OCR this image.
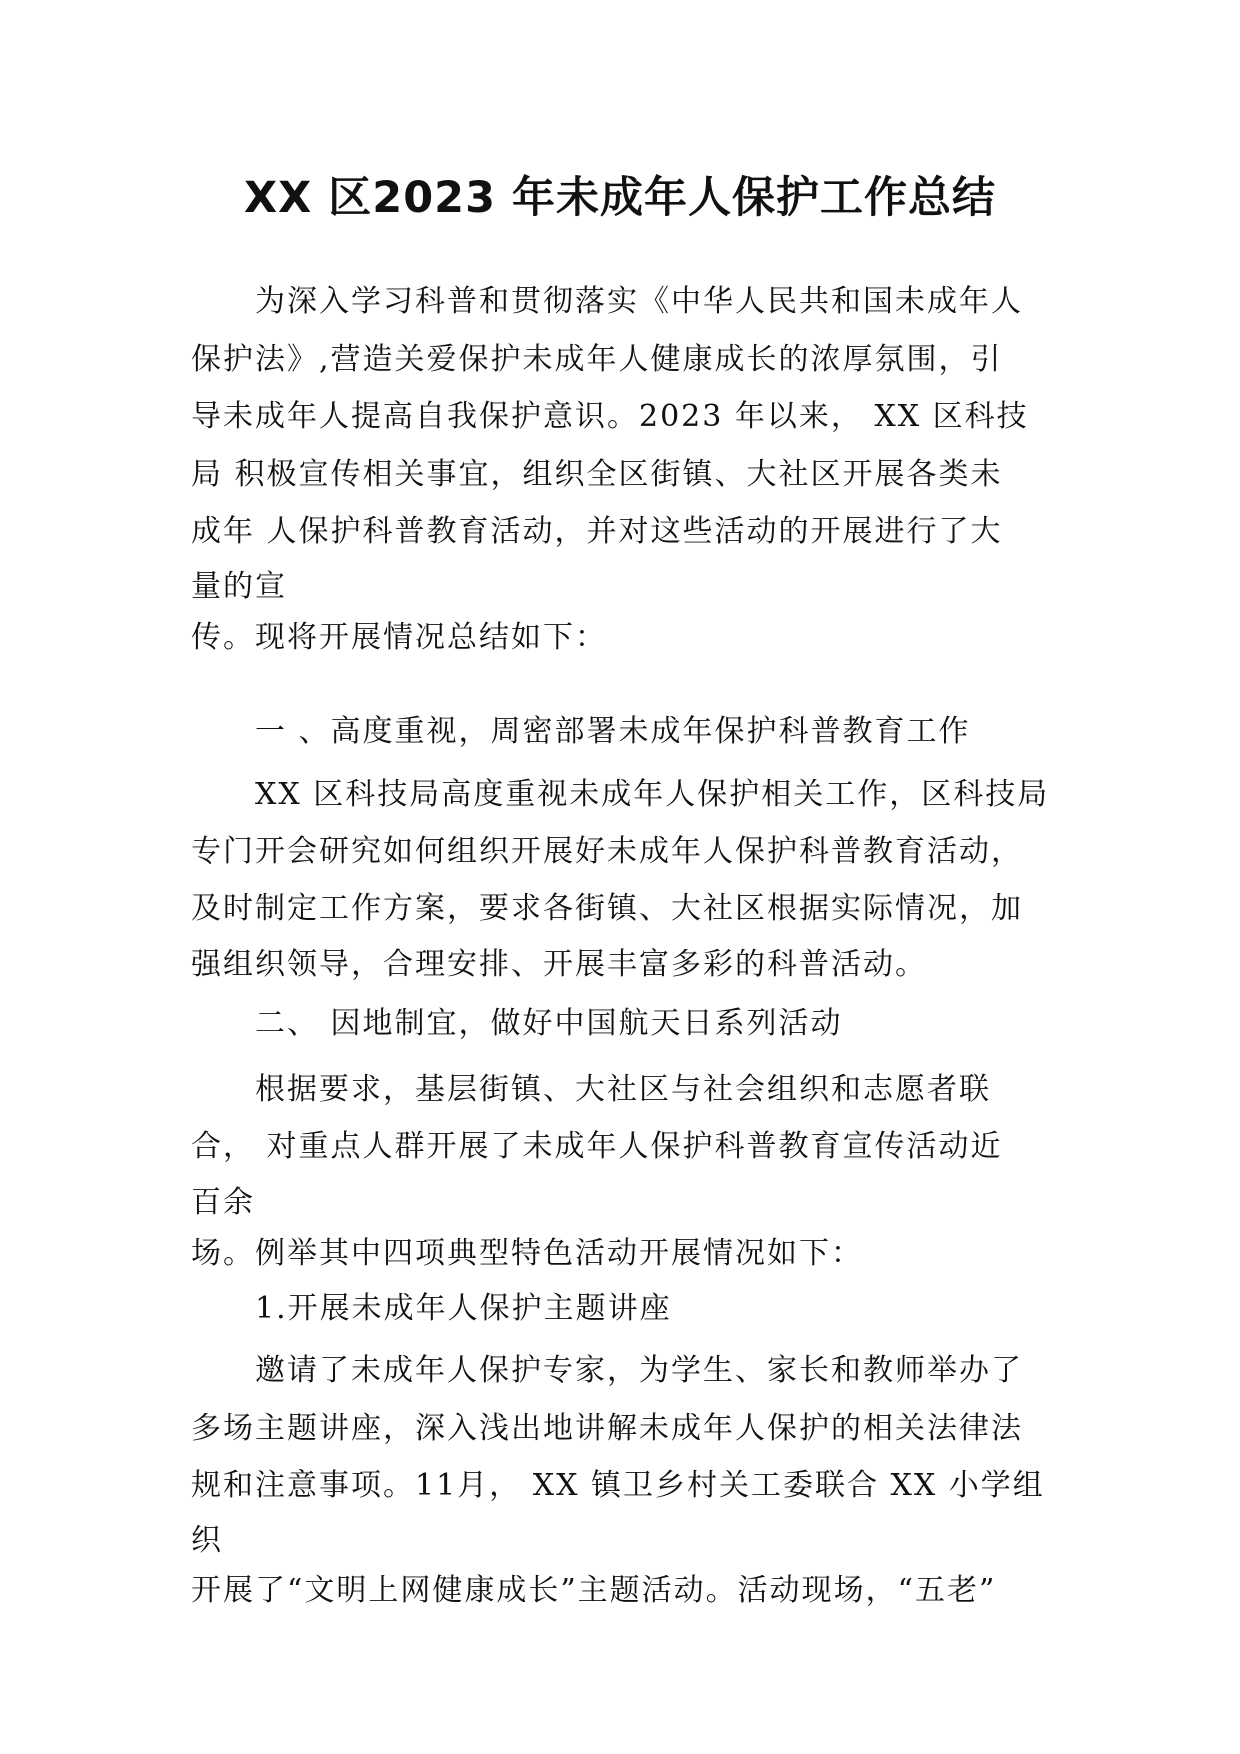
XX 区2023 年未成年人保护工作总结

为深入学习科普和贯彻落实《中华人民共和国未成年人

保护法》,营造关爱保护未成年人健康成长的浓厚氛围，引

导未成年人提高自我保护意识。2023 年以来， XX 区科技

局 积极宣传相关事宜，组织全区街镇、大社区开展各类未

成年 人保护科普教育活动，并对这些活动的开展进行了大

量的宣

传。现将开展情况总结如下：

一 、高度重视，周密部署未成年保护科普教育工作

XX 区科技局高度重视未成年人保护相关工作，区科技局

专门开会研究如何组织开展好未成年人保护科普教育活动，

及时制定工作方案，要求各街镇、大社区根据实际情况，加

强组织领导，合理安排、开展丰富多彩的科普活动。

二、 因地制宜，做好中国航天日系列活动

根据要求，基层街镇、大社区与社会组织和志愿者联

合， 对重点人群开展了未成年人保护科普教育宣传活动近

百余

场。例举其中四项典型特色活动开展情况如下：

1.开展未成年人保护主题讲座

邀请了未成年人保护专家，为学生、家长和教师举办了

多场主题讲座，深入浅出地讲解未成年人保护的相关法律法

规和注意事项。11月， XX 镇卫乡村关工委联合 XX 小学组

织

开展了“文明上网健康成长”主题活动。活动现场，“五老”
